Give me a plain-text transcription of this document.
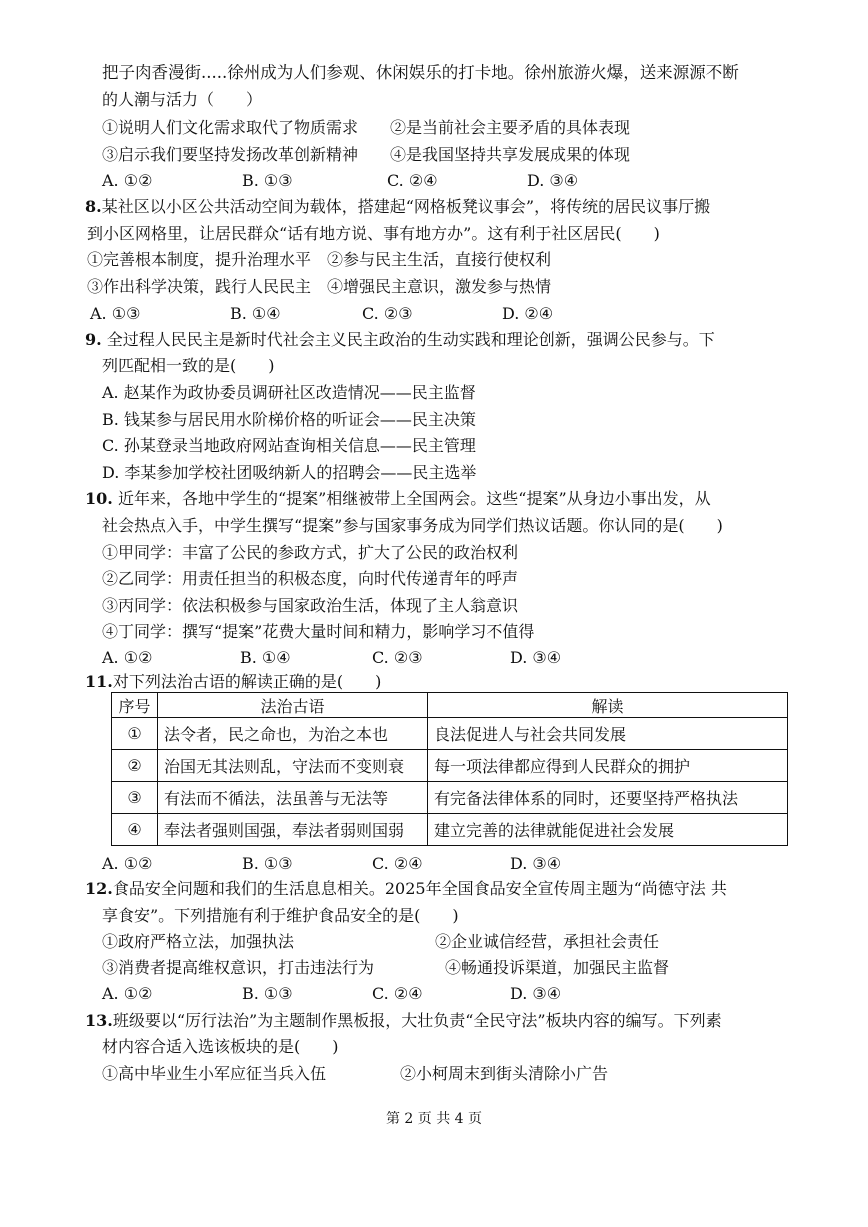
把子肉香漫街.....徐州成为人们参观、休闲娱乐的打卡地。徐州旅游火爆，送来源源不断
的人潮与活力（　　）
①说明人们文化需求取代了物质需求　　②是当前社会主要矛盾的具体表现
③启示我们要坚持发扬改革创新精神　　④是我国坚持共享发展成果的体现
A. ①②	B. ①③	C. ②④	D. ③④
8.某社区以小区公共活动空间为载体，搭建起“网格板凳议事会”，将传统的居民议事厅搬
到小区网格里，让居民群众“话有地方说、事有地方办”。这有利于社区居民(　　)
①完善根本制度，提升治理水平　②参与民主生活，直接行使权利
③作出科学决策，践行人民民主　④增强民主意识，激发参与热情
A. ①③	B. ①④	C. ②③	D. ②④
9. 全过程人民民主是新时代社会主义民主政治的生动实践和理论创新，强调公民参与。下
列匹配相一致的是(　　)
A. 赵某作为政协委员调研社区改造情况——民主监督
B. 钱某参与居民用水阶梯价格的听证会——民主决策
C. 孙某登录当地政府网站查询相关信息——民主管理
D. 李某参加学校社团吸纳新人的招聘会——民主选举
10. 近年来，各地中学生的“提案”相继被带上全国两会。这些“提案”从身边小事出发，从
社会热点入手，中学生撰写“提案”参与国家事务成为同学们热议话题。你认同的是(　　)
①甲同学：丰富了公民的参政方式，扩大了公民的政治权利
②乙同学：用责任担当的积极态度，向时代传递青年的呼声
③丙同学：依法积极参与国家政治生活，体现了主人翁意识
④丁同学：撰写“提案”花费大量时间和精力，影响学习不值得
A. ①②	B. ①④	C. ②③	D. ③④
11.对下列法治古语的解读正确的是(　　)
序号	法治古语	解读
①	法令者，民之命也，为治之本也	良法促进人与社会共同发展
②	治国无其法则乱，守法而不变则衰	每一项法律都应得到人民群众的拥护
③	有法而不循法，法虽善与无法等	有完备法律体系的同时，还要坚持严格执法
④	奉法者强则国强，奉法者弱则国弱	建立完善的法律就能促进社会发展
A. ①②	B. ①③	C. ②④	D. ③④
12.食品安全问题和我们的生活息息相关。2025年全国食品安全宣传周主题为“尚德守法 共
享食安”。下列措施有利于维护食品安全的是(　　)
①政府严格立法，加强执法	②企业诚信经营，承担社会责任
③消费者提高维权意识，打击违法行为	④畅通投诉渠道，加强民主监督
A. ①②	B. ①③	C. ②④	D. ③④
13.班级要以“厉行法治”为主题制作黑板报，大壮负责“全民守法”板块内容的编写。下列素
材内容合适入选该板块的是(　　)
①高中毕业生小军应征当兵入伍	②小柯周末到街头清除小广告
第 2 页 共 4 页
